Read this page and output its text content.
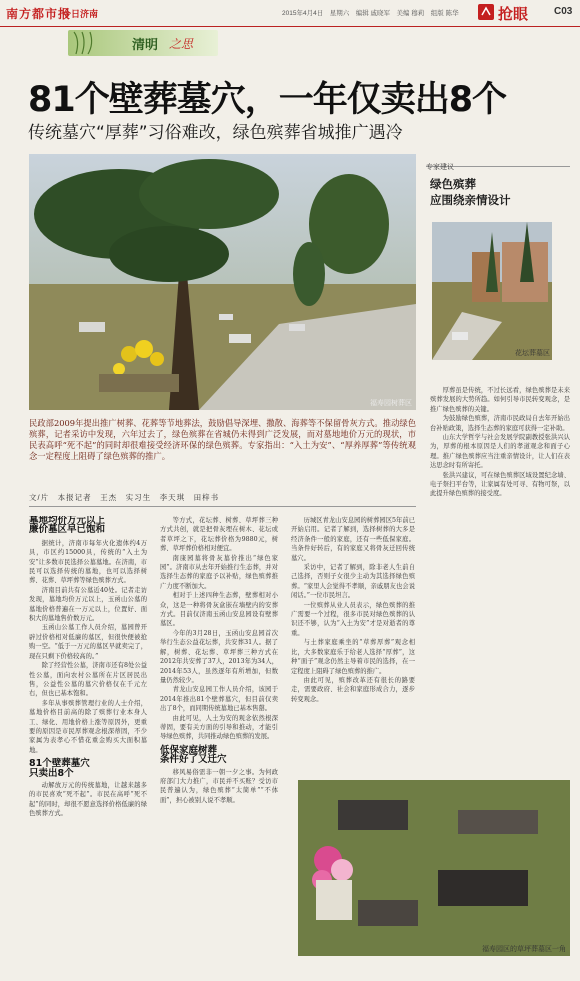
南方都市报
今日济南	2015年4月4日　星期六　编辑 戚晓军　美编 穆莉　组版 陈华	抢眼	C03
清明 之思
81个壁葬墓穴，一年仅卖出8个
传统墓穴“厚葬”习俗难改，绿色殡葬省城推广遇冷
福寿园树葬区
民政部2009年提出推广树葬、花葬等节地葬法，鼓励倡导深埋、撒散、海葬等不保留骨灰方式。推动绿色殡葬，记者采访中发现，六年过去了，绿色殡葬在省城仍未得到广泛发展，而对墓地地价万元的现状，市民表高呼“死不起”的同时却很难接受经济环保的绿色殡葬。专家指出：“入土为安”、“厚养厚葬”等传统观念一定程度上阻碍了绿色殡葬的推广。
文/片　本报记者　王杰　实习生　李天琪　田梓书

墓地均价万元以上

廉价墓区早已饱和

据统计，济南市每年火化遗体约4万具，市区约15000具，传统的“入土为安”让多数市民选择公墓墓地。在济南，市民可以选择传统的墓地，也可以选择树葬、花葬、草坪葬等绿色殡葬方式。

济南目前共有公墓近40处。记者走访发现，墓地均价万元以上，玉函山公墓的墓地价格普遍在一万元以上，位置好、面积大的墓地售价数万元。

玉函山公墓工作人员介绍，墓园曾开辟过价格相对低廉的墓区，但很快便被抢购一空。“低于一万元的墓区早就卖完了，现在只剩下价格较高的。”

除了经营性公墓，济南市还有8处公益性公墓，面向农村公墓所在片区居民出售，公益性公墓的墓穴价格仅在千元左右，但也已基本饱和。

多年从事殡葬管理行业的人士介绍，墓地价格目前高的除了殡葬行业本身人工、绿化、用地价格上涨等原因外，更重要的原因是市民厚葬观念根深蒂固，不少家属为表孝心不惜花重金购买大面积墓地。

81个壁葬墓穴

只卖出8个

动解放万元的传统墓地，让越来越多的市民喜欢“死不起”。市民在高呼“死不起”的同时，却很不愿意选择价格低廉的绿色殡葬方式。

等方式，花坛葬、树葬、草坪葬三种方式共创，就是把骨灰埋在树木、花坛或者草坪之下，花坛葬价格为9880元，树葬、草坪葬价格相对便宜。

南康园墓将骨灰墓价推出“绿色家园”。济南市从去年开始推行生态葬，并对选择生态葬的家庭予以补贴，绿色殡葬推广力度不断加大。

相对于上述四种生态葬，壁葬相对小众，这是一种将骨灰盒嵌在墙壁内的安葬方式。目前仅济南玉函山安息园设有壁葬墓区。

今年的3月28日，玉函山安息园首次举行生态公益花坛葬，共安葬31人。据了解，树葬、花坛葬、草坪葬三种方式在2012年共安葬了37人，2013年为34人，2014年53人，虽然逐年有所增加，但数量仍然较少。

青龙山安息园工作人员介绍，该园于2014年推出81个壁葬墓穴，但目前仅卖出了8个，而同期传统墓地已基本售罄。

由此可见，人土为安的观念依然根深蒂固，要有关方面的引导和推动，才能引导绿色殡葬，共同推动绿色殡葬的发展。

低保家庭树葬

条件好了又迁穴

移风易俗需非一朝一夕之事。为何政府部门大力推广，市民并不买账？受访市民普遍认为，绿色殡葬“太简单”“不体面”，担心被别人说不孝顺。

历城区青龙山安息园的树葬园区5年前已开始启用。记者了解到，选择树葬的大多是经济条件一般的家庭，还有一些低保家庭。当条件好转后，有的家庭又将骨灰迁回传统墓穴。

采访中，记者了解到，除非老人生前自己选择，否则子女很少主动为其选择绿色殡葬。“家里人会觉得不孝顺，亲戚朋友也会说闲话。”一位市民坦言。

一位殡葬从业人员表示，绿色殡葬的推广需要一个过程，很多市民对绿色殡葬的认识还不够，认为“入土为安”才是对逝者的尊重。

与土葬家庭乘坐的“草葬厚葬”观念相比，大多数家庭乐于给老人选择“厚葬”，这种“面子”观念仍然主导着市民的选择，在一定程度上阻碍了绿色殡葬的推广。

由此可见，殡葬改革还有很长的路要走，需要政府、社会和家庭形成合力，逐步转变观念。

专家建议
绿色殡葬
应围绕亲情设计
花坛葬墓区

厚葬虽是传统，不过长远看，绿色殡葬是未来殡葬发展的大势所趋。如何引导市民转变观念，是推广绿色殡葬的关键。

为鼓励绿色殡葬，济南市民政局自去年开始出台补贴政策，选择生态葬的家庭可获得一定补助。

山东大学哲学与社会发展学院副教授张洪兴认为，厚葬的根本原因是人们的孝道观念和面子心理。推广绿色殡葬应当注重亲情设计，让人们在表达思念时有所寄托。

张洪兴建议，可在绿色殡葬区域设置纪念墙、电子祭扫平台等，让家属有处可寻、有物可祭，以此提升绿色殡葬的接受度。

福寿园区的草坪葬墓区一角
